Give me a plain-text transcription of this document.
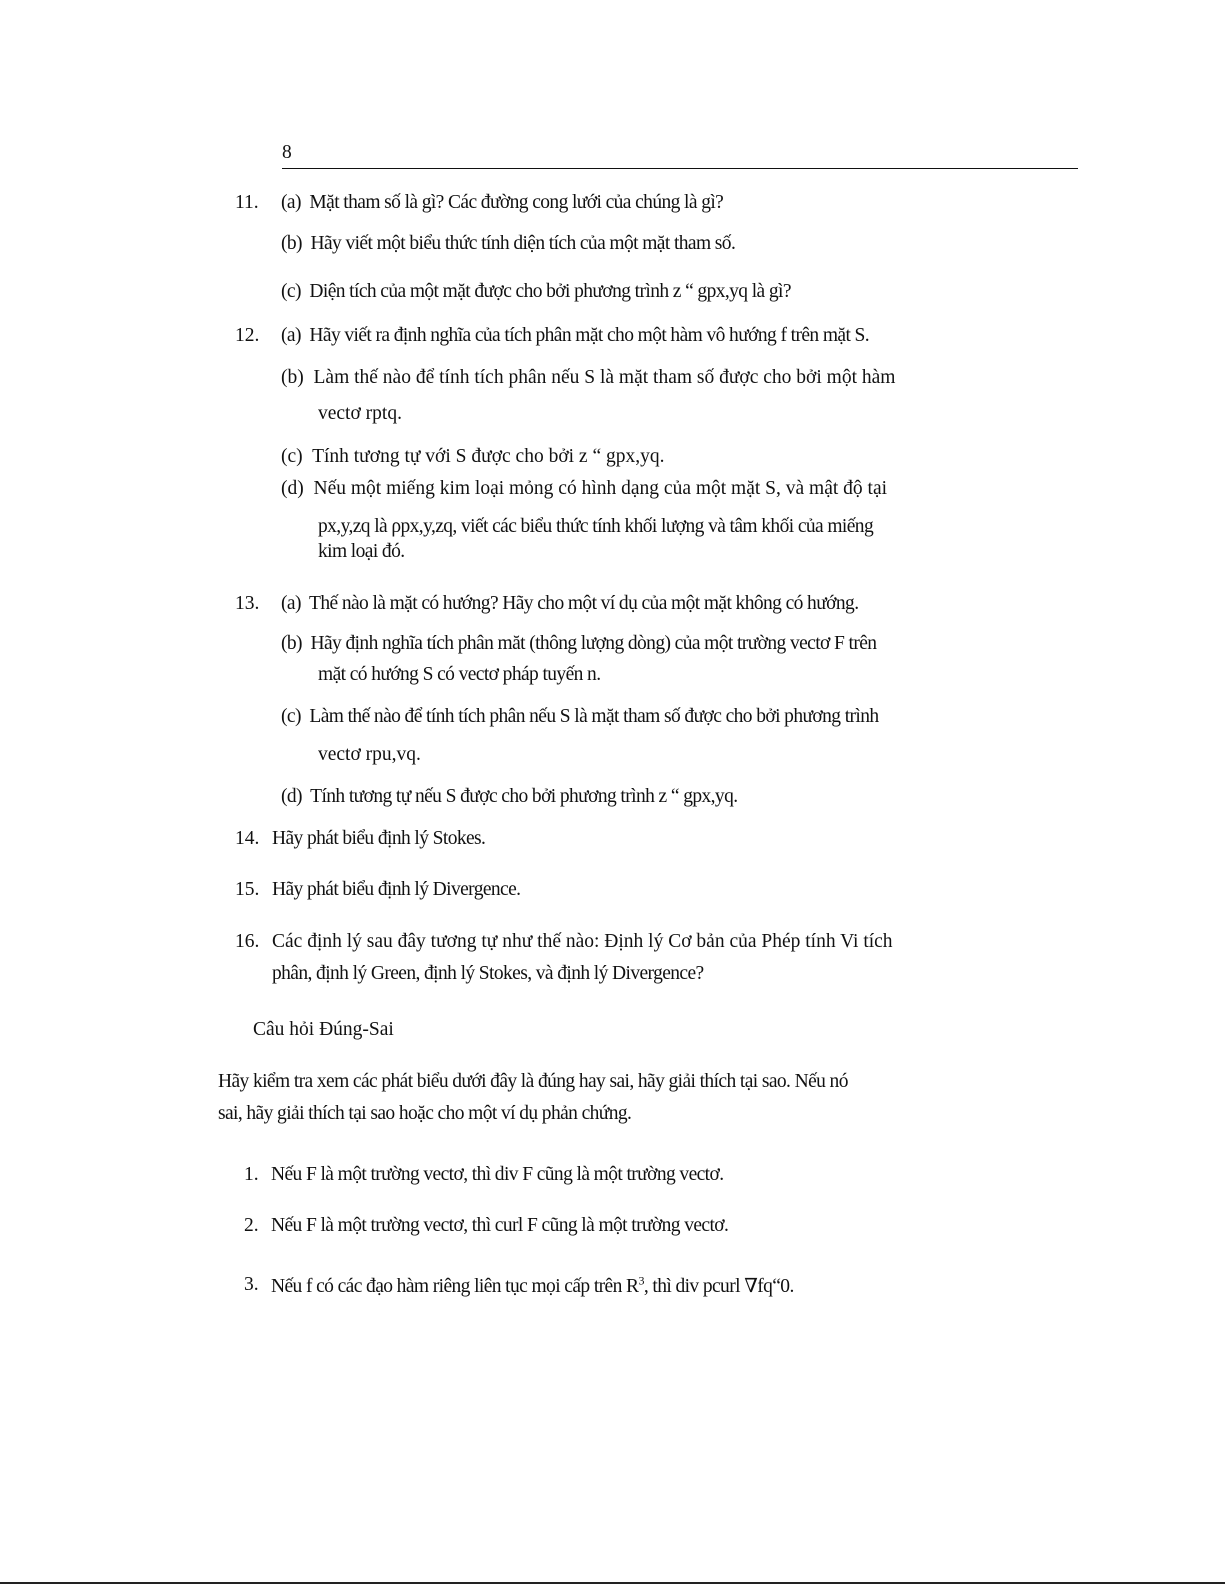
8
11. (a) Mặt tham số là gì? Các đường cong lưới của chúng là gì?
(b) Hãy viết một biểu thức tính diện tích của một mặt tham số.
(c) Diện tích của một mặt được cho bởi phương trình z “ gpx,yq là gì?
12. (a) Hãy viết ra định nghĩa của tích phân mặt cho một hàm vô hướng f trên mặt S.
(b) Làm thế nào để tính tích phân nếu S là mặt tham số được cho bởi một hàm
vectơ rptq.
(c) Tính tương tự với S được cho bởi z “ gpx,yq.
(d) Nếu một miếng kim loại mỏng có hình dạng của một mặt S, và mật độ tại
px,y,zq là ρpx,y,zq, viết các biểu thức tính khối lượng và tâm khối của miếng
kim loại đó.
13. (a) Thế nào là mặt có hướng? Hãy cho một ví dụ của một mặt không có hướng.
(b) Hãy định nghĩa tích phân măt (thông lượng dòng) của một trường vectơ F trên
mặt có hướng S có vectơ pháp tuyến n.
(c) Làm thế nào để tính tích phân nếu S là mặt tham số được cho bởi phương trình
vectơ rpu,vq.
(d) Tính tương tự nếu S được cho bởi phương trình z “ gpx,yq.
14. Hãy phát biểu định lý Stokes.
15. Hãy phát biểu định lý Divergence.
16. Các định lý sau đây tương tự như thế nào: Định lý Cơ bản của Phép tính Vi tích
phân, định lý Green, định lý Stokes, và định lý Divergence?
Câu hỏi Đúng-Sai
Hãy kiểm tra xem các phát biểu dưới đây là đúng hay sai, hãy giải thích tại sao. Nếu nó
sai, hãy giải thích tại sao hoặc cho một ví dụ phản chứng.
1. Nếu F là một trường vectơ, thì div F cũng là một trường vectơ.
2. Nếu F là một trường vectơ, thì curl F cũng là một trường vectơ.
3. Nếu f có các đạo hàm riêng liên tục mọi cấp trên $R^3$, thì div pcurl ∇fq“0.
